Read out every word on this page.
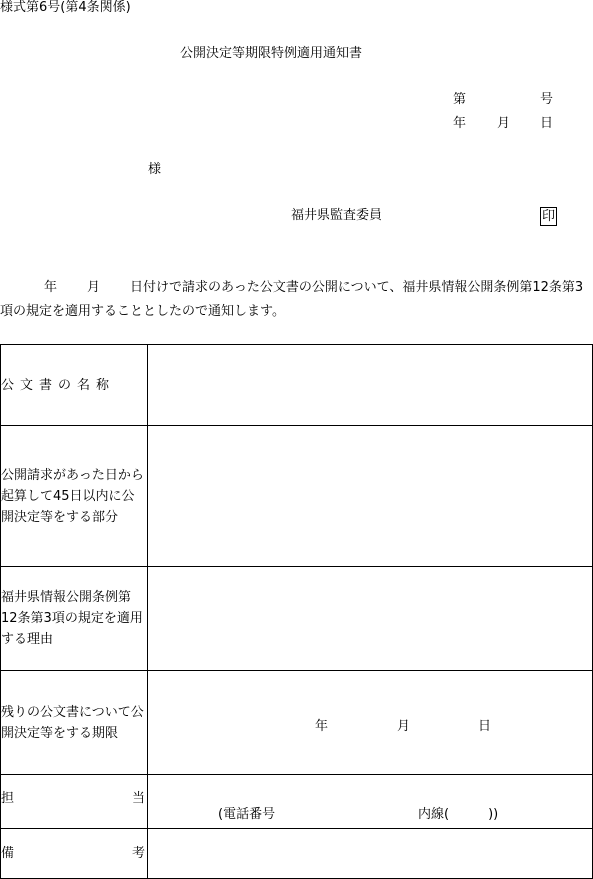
様式第6号(第4条関係)
公開決定等期限特例適用通知書
第	号
年 月 日
様
福井県監査委員	印
年 月 日付けで請求のあった公文書の公開について、福井県情報公開条例第12条第3項の規定を適用することとしたので通知します。
公文書の名称	
公開請求があった日から起算して45日以内に公開決定等をする部分	
福井県情報公開条例第12条第3項の規定を適用する理由	
残りの公文書について公開決定等をする期限	年 月 日

担 当	(電話番号 内線(　　　))

備 考	
